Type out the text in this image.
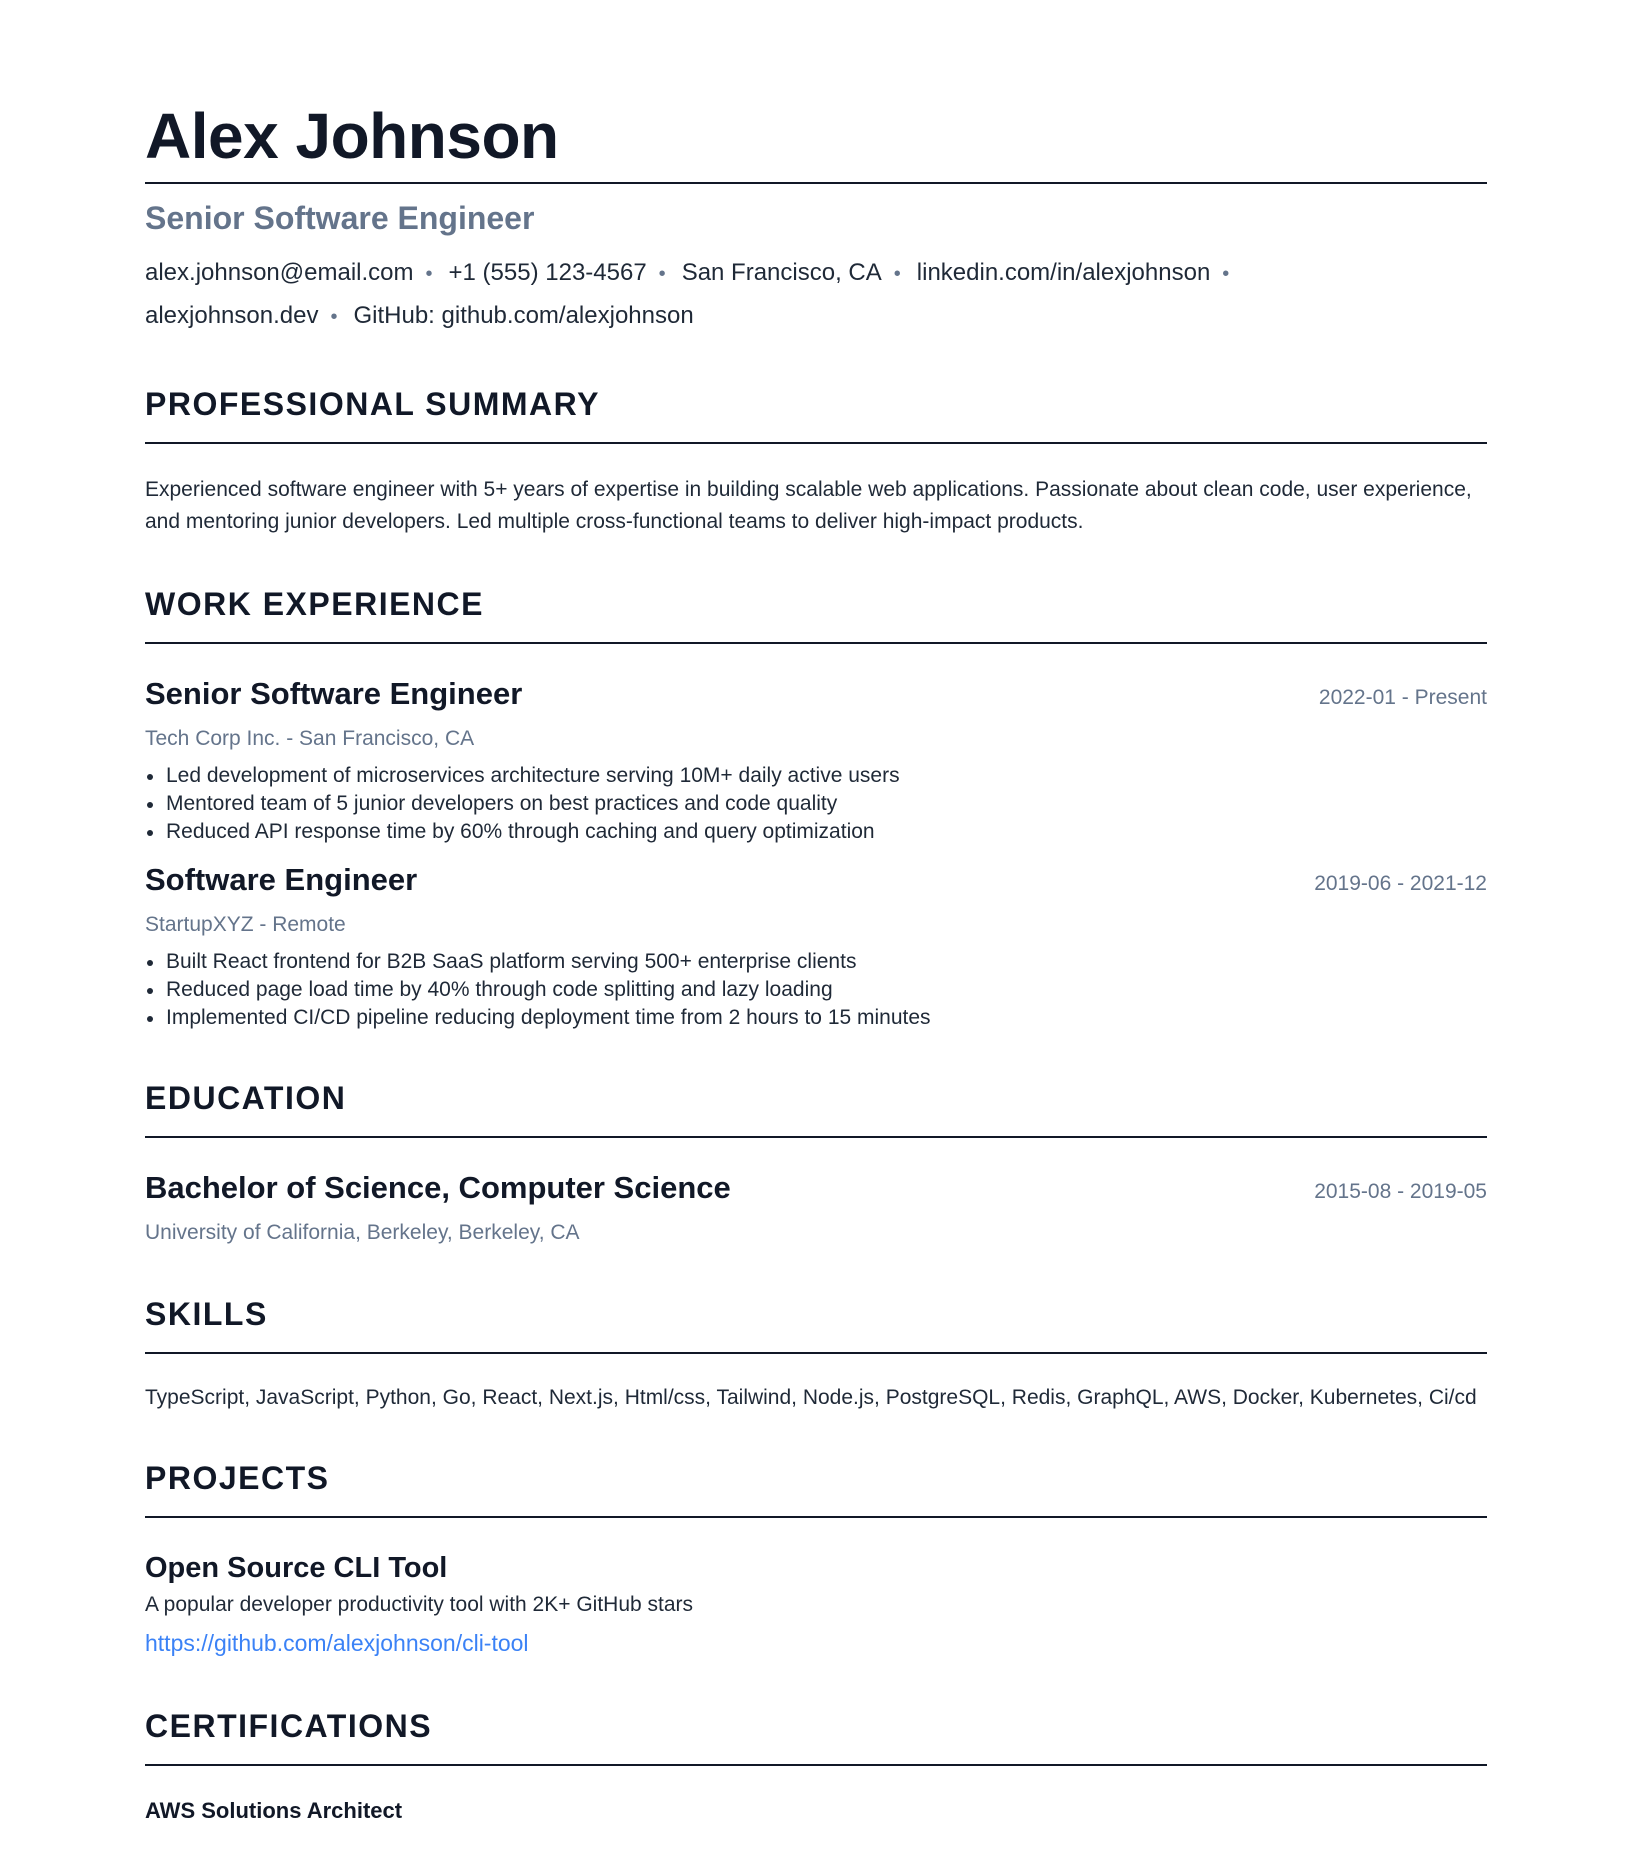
Alex Johnson
Senior Software Engineer
alex.johnson@email.com • +1 (555) 123-4567 • San Francisco, CA • linkedin.com/in/alexjohnson •
alexjohnson.dev • GitHub: github.com/alexjohnson
PROFESSIONAL SUMMARY

Experienced software engineer with 5+ years of expertise in building scalable web applications. Passionate about clean code, user experience, and mentoring junior developers. Led multiple cross-functional teams to deliver high-impact products.

WORK EXPERIENCE
Senior Software Engineer	2022-01 - Present
Tech Corp Inc. - San Francisco, CA
Led development of microservices architecture serving 10M+ daily active users
Mentored team of 5 junior developers on best practices and code quality
Reduced API response time by 60% through caching and query optimization
Software Engineer	2019-06 - 2021-12
StartupXYZ - Remote
Built React frontend for B2B SaaS platform serving 500+ enterprise clients
Reduced page load time by 40% through code splitting and lazy loading
Implemented CI/CD pipeline reducing deployment time from 2 hours to 15 minutes
EDUCATION
Bachelor of Science, Computer Science	2015-08 - 2019-05
University of California, Berkeley, Berkeley, CA
SKILLS

TypeScript, JavaScript, Python, Go, React, Next.js, Html/css, Tailwind, Node.js, PostgreSQL, Redis, GraphQL, AWS, Docker, Kubernetes, Ci/cd

PROJECTS
Open Source CLI Tool
A popular developer productivity tool with 2K+ GitHub stars
https://github.com/alexjohnson/cli-tool
CERTIFICATIONS
AWS Solutions Architect
